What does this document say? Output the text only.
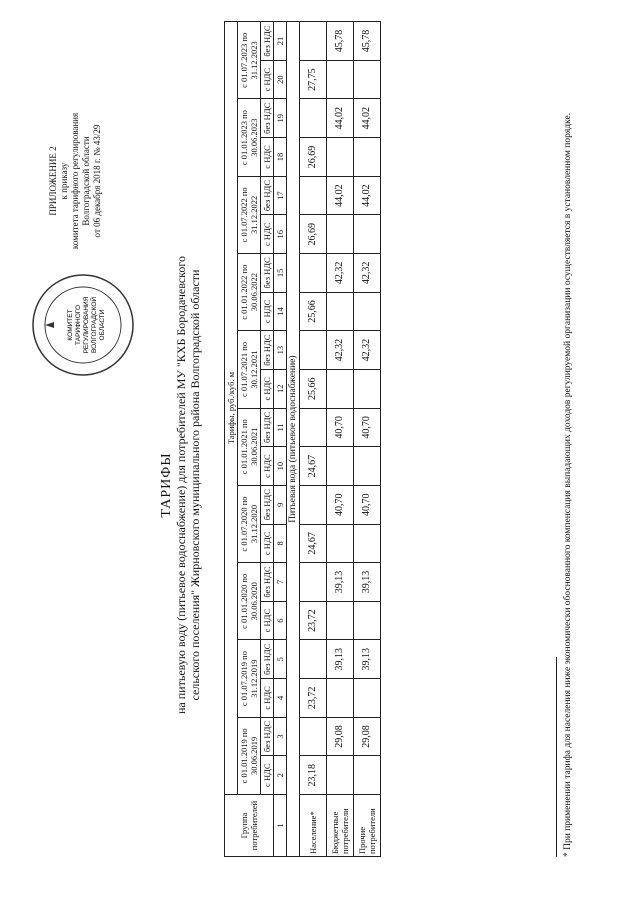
КОМИТЕТ ТАРИФНОГО РЕГУЛИРОВАНИЯ ВОЛГОГРАДСКОЙ ОБЛАСТИ
ПРИЛОЖЕНИЕ 2 к приказу комитета тарифного регулирования Волгоградской области от 06 декабря 2018 г. № 43/29
ТАРИФЫ на питьевую воду (питьевое водоснабжение) для потребителей МУ "КХБ Бородачевского сельского поселения" Жирновского муниципального района Волгоградской области
Группа потребителей	Тарифы, руб./куб. м																			
	с 01.01.2019 по 30.06.2019		с 01.07.2019 по 31.12.2019		с 01.01.2020 по 30.06.2020		с 01.07.2020 по 31.12.2020		с 01.01.2021 по 30.06.2021		с 01.07.2021 по 30.12.2021		с 01.01.2022 по 30.06.2022		с 01.07.2022 по 31.12.2022		с 01.01.2023 по 30.06.2023		с 01.07.2023 по 31.12.2023	
	с НДС	без НДС	с НДС	без НДС	с НДС	без НДС	с НДС	без НДС	с НДС	без НДС	с НДС	без НДС	с НДС	без НДС	с НДС	без НДС	с НДС	без НДС	с НДС	без НДС
1	2	3	4	5	6	7	8	9	10	11	12	13	14	15	16	17	18	19	20	21
Питьевая вода (питьевое водоснабжение)																				
Население*	23,18		23,72		23,72		24,67		24,67		25,66		25,66		26,69		26,69		27,75	
Бюджетные потребители		29,08		39,13		39,13		40,70		40,70		42,32		42,32		44,02		44,02		45,78
Прочие потребители		29,08		39,13		39,13		40,70		40,70		42,32		42,32		44,02		44,02		45,78
* При применении тарифа для населения ниже экономически обоснованного компенсация выпадающих доходов регулируемой организации осуществляется в установленном порядке.
